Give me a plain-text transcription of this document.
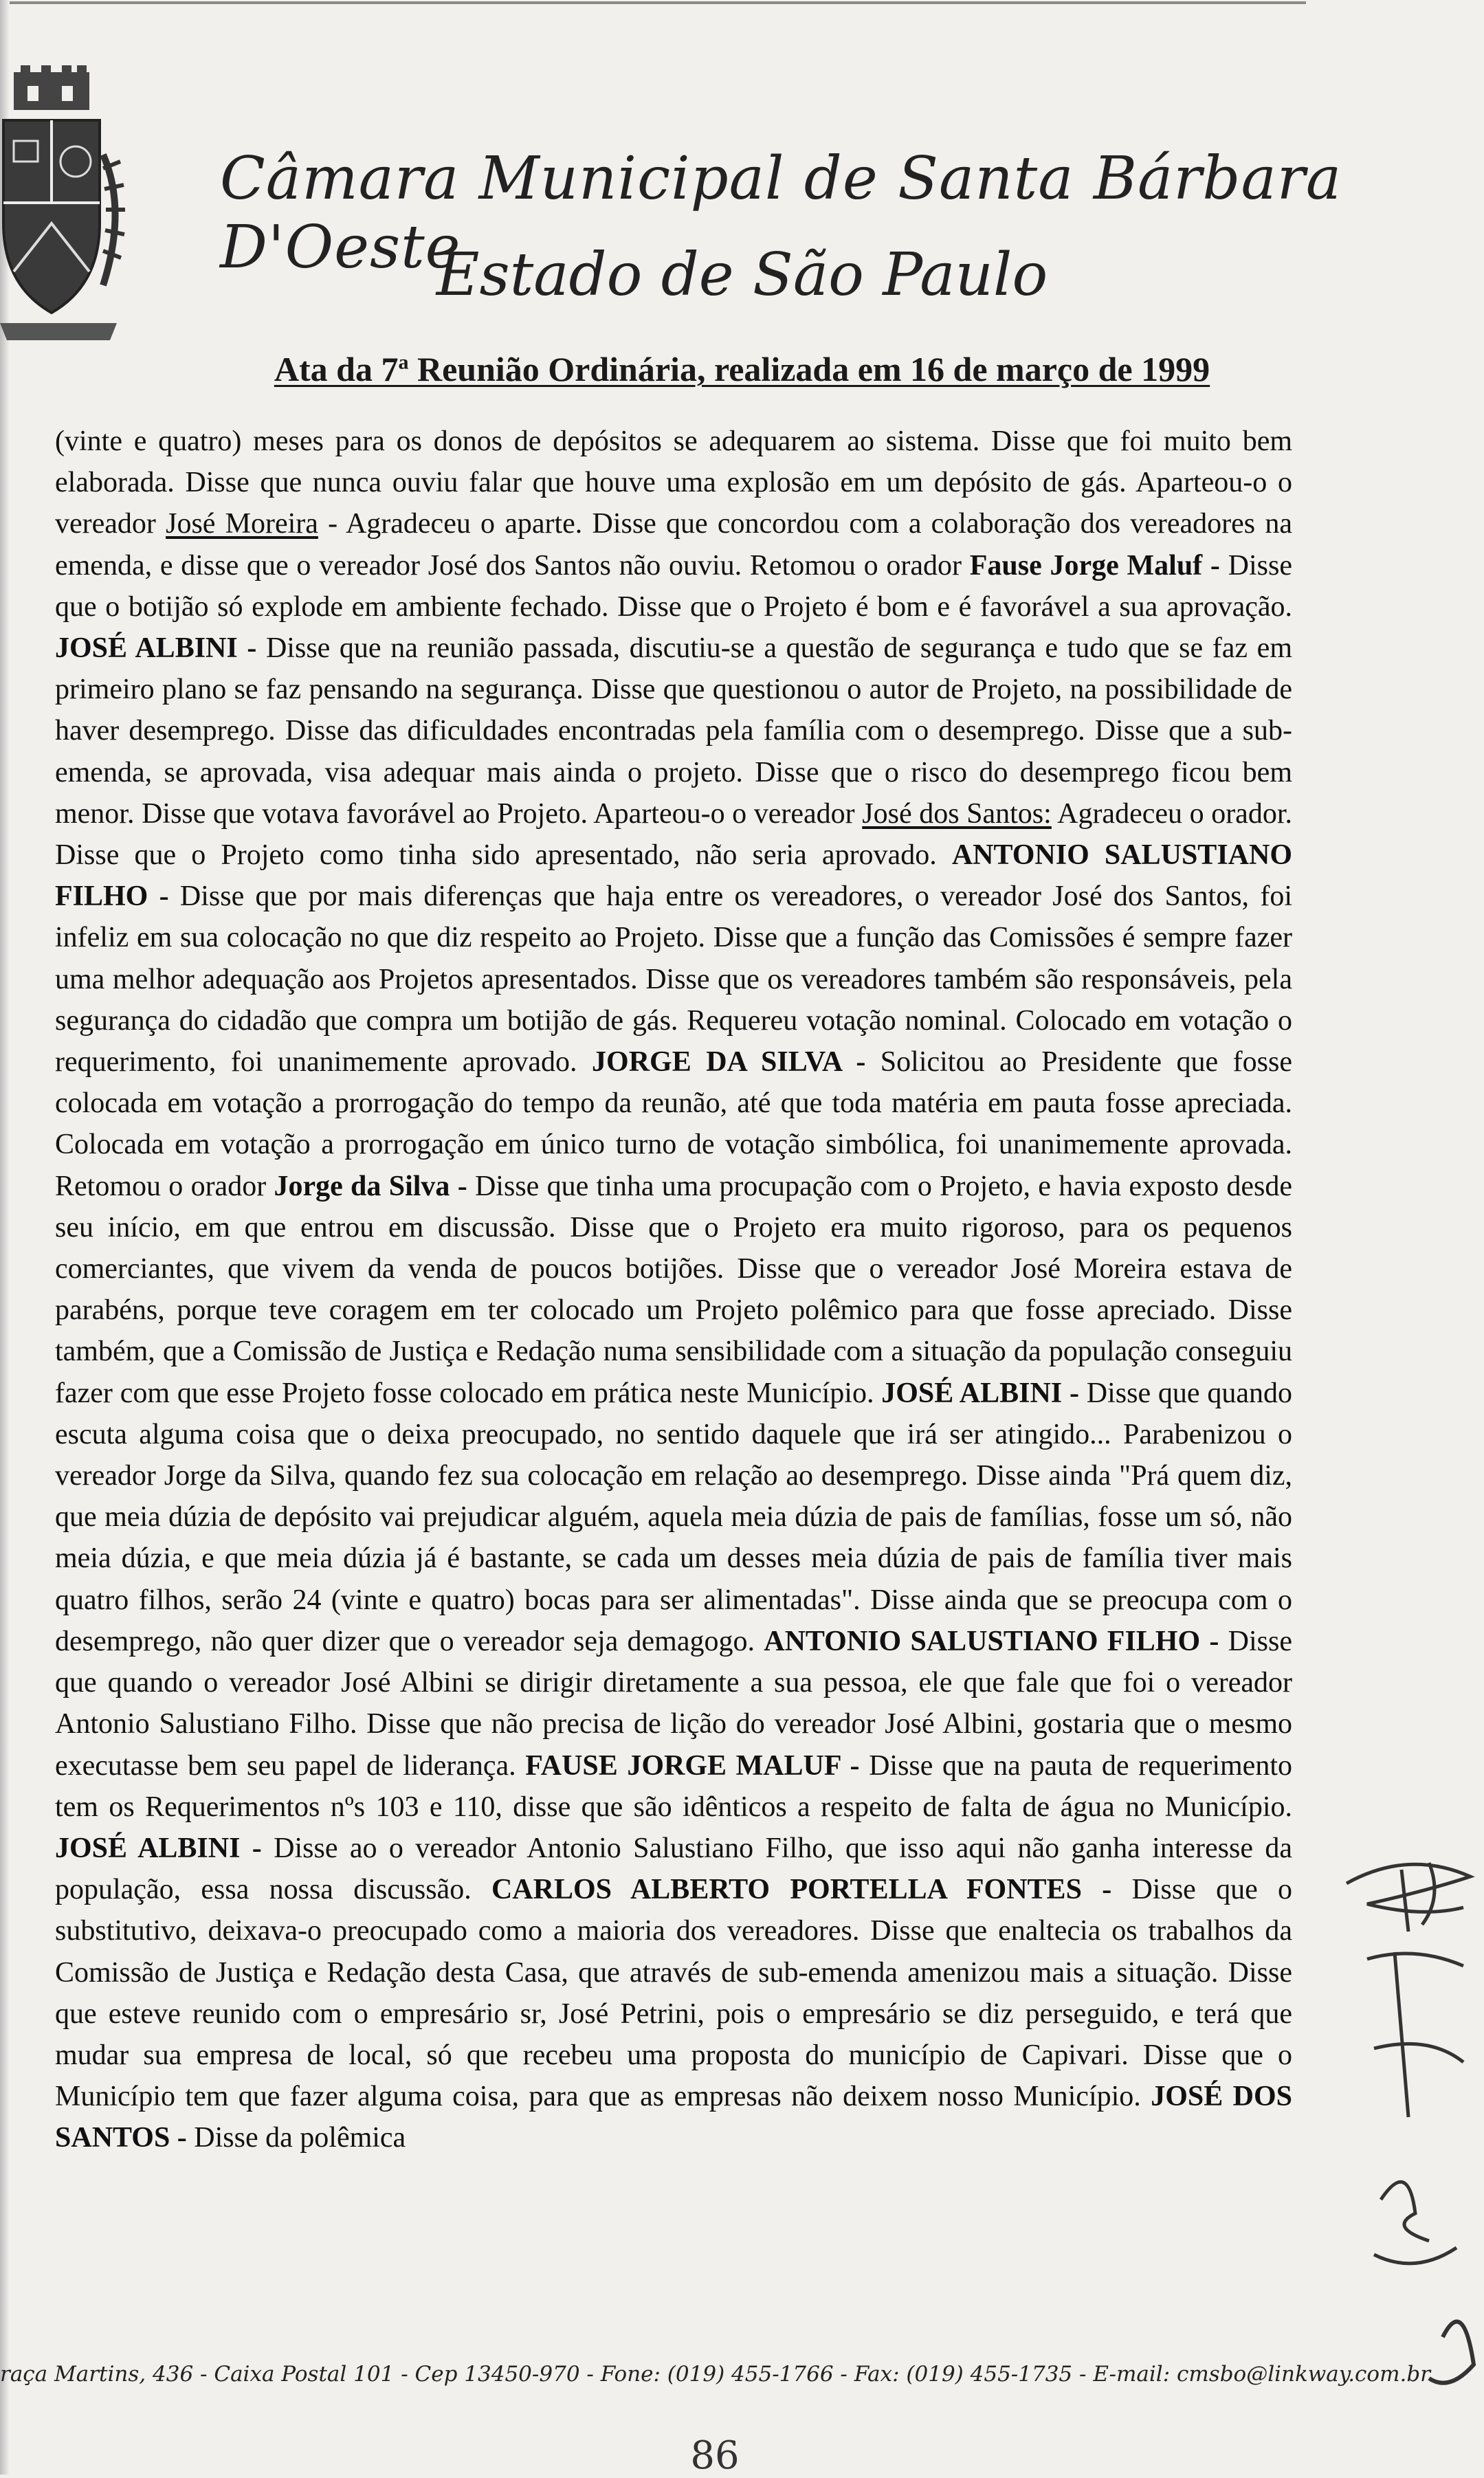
Câmara Municipal de Santa Bárbara D'Oeste
Estado de São Paulo
Ata da 7$^a$ Reunião Ordinária, realizada em 16 de março de 1999

(vinte e quatro) meses para os donos de depósitos se adequarem ao sistema. Disse que foi muito bem elaborada. Disse que nunca ouviu falar que houve uma explosão em um depósito de gás. Aparteou-o o vereador José Moreira - Agradeceu o aparte. Disse que concordou com a colaboração dos vereadores na emenda, e disse que o vereador José dos Santos não ouviu. Retomou o orador Fause Jorge Maluf - Disse que o botijão só explode em ambiente fechado. Disse que o Projeto é bom e é favorável a sua aprovação. JOSÉ ALBINI - Disse que na reunião passada, discutiu-se a questão de segurança e tudo que se faz em primeiro plano se faz pensando na segurança. Disse que questionou o autor de Projeto, na possibilidade de haver desemprego. Disse das dificuldades encontradas pela família com o desemprego. Disse que a sub-emenda, se aprovada, visa adequar mais ainda o projeto. Disse que o risco do desemprego ficou bem menor. Disse que votava favorável ao Projeto. Aparteou-o o vereador José dos Santos: Agradeceu o orador. Disse que o Projeto como tinha sido apresentado, não seria aprovado. ANTONIO SALUSTIANO FILHO - Disse que por mais diferenças que haja entre os vereadores, o vereador José dos Santos, foi infeliz em sua colocação no que diz respeito ao Projeto. Disse que a função das Comissões é sempre fazer uma melhor adequação aos Projetos apresentados. Disse que os vereadores também são responsáveis, pela segurança do cidadão que compra um botijão de gás. Requereu votação nominal. Colocado em votação o requerimento, foi unanimemente aprovado. JORGE DA SILVA - Solicitou ao Presidente que fosse colocada em votação a prorrogação do tempo da reunão, até que toda matéria em pauta fosse apreciada. Colocada em votação a prorrogação em único turno de votação simbólica, foi unanimemente aprovada. Retomou o orador Jorge da Silva - Disse que tinha uma procupação com o Projeto, e havia exposto desde seu início, em que entrou em discussão. Disse que o Projeto era muito rigoroso, para os pequenos comerciantes, que vivem da venda de poucos botijões. Disse que o vereador José Moreira estava de parabéns, porque teve coragem em ter colocado um Projeto polêmico para que fosse apreciado. Disse também, que a Comissão de Justiça e Redação numa sensibilidade com a situação da população conseguiu fazer com que esse Projeto fosse colocado em prática neste Município. JOSÉ ALBINI - Disse que quando escuta alguma coisa que o deixa preocupado, no sentido daquele que irá ser atingido... Parabenizou o vereador Jorge da Silva, quando fez sua colocação em relação ao desemprego. Disse ainda "Prá quem diz, que meia dúzia de depósito vai prejudicar alguém, aquela meia dúzia de pais de famílias, fosse um só, não meia dúzia, e que meia dúzia já é bastante, se cada um desses meia dúzia de pais de família tiver mais quatro filhos, serão 24 (vinte e quatro) bocas para ser alimentadas". Disse ainda que se preocupa com o desemprego, não quer dizer que o vereador seja demagogo. ANTONIO SALUSTIANO FILHO - Disse que quando o vereador José Albini se dirigir diretamente a sua pessoa, ele que fale que foi o vereador Antonio Salustiano Filho. Disse que não precisa de lição do vereador José Albini, gostaria que o mesmo executasse bem seu papel de liderança. FAUSE JORGE MALUF - Disse que na pauta de requerimento tem os Requerimentos nºs 103 e 110, disse que são idênticos a respeito de falta de água no Município. JOSÉ ALBINI - Disse ao o vereador Antonio Salustiano Filho, que isso aqui não ganha interesse da população, essa nossa discussão. CARLOS ALBERTO PORTELLA FONTES - Disse que o substitutivo, deixava-o preocupado como a maioria dos vereadores. Disse que enaltecia os trabalhos da Comissão de Justiça e Redação desta Casa, que através de sub-emenda amenizou mais a situação. Disse que esteve reunido com o empresário sr, José Petrini, pois o empresário se diz perseguido, e terá que mudar sua empresa de local, só que recebeu uma proposta do município de Capivari. Disse que o Município tem que fazer alguma coisa, para que as empresas não deixem nosso Município. JOSÉ DOS SANTOS - Disse da polêmica

raça Martins, 436 - Caixa Postal 101 - Cep 13450-970 - Fone: (019) 455-1766 - Fax: (019) 455-1735 - E-mail: cmsbo@linkway.com.br
86
